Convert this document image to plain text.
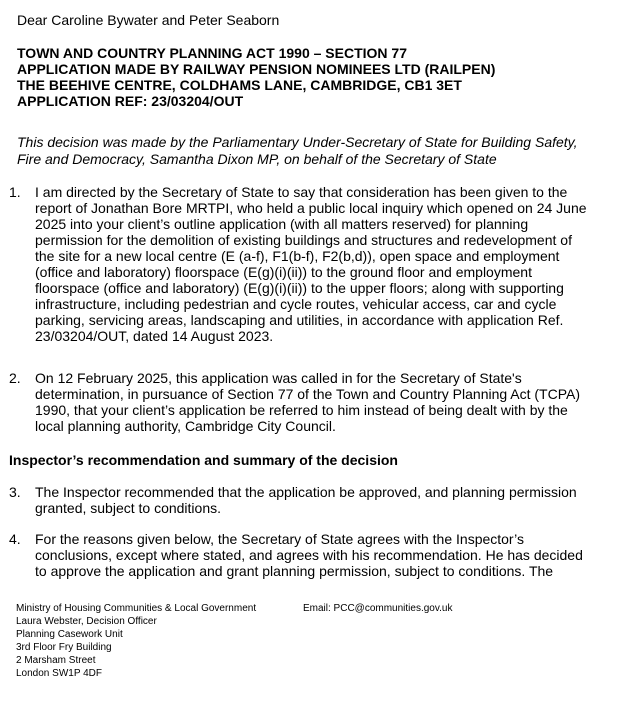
Dear Caroline Bywater and Peter Seaborn
TOWN AND COUNTRY PLANNING ACT 1990 – SECTION 77
APPLICATION MADE BY RAILWAY PENSION NOMINEES LTD (RAILPEN)
THE BEEHIVE CENTRE, COLDHAMS LANE, CAMBRIDGE, CB1 3ET
APPLICATION REF: 23/03204/OUT
This decision was made by the Parliamentary Under-Secretary of State for Building Safety,
Fire and Democracy, Samantha Dixon MP, on behalf of the Secretary of State
1.	I am directed by the Secretary of State to say that consideration has been given to the
report of Jonathan Bore MRTPI, who held a public local inquiry which opened on 24 June
2025 into your client’s outline application (with all matters reserved) for planning
permission for the demolition of existing buildings and structures and redevelopment of
the site for a new local centre (E (a-f), F1(b-f), F2(b,d)), open space and employment
(office and laboratory) floorspace (E(g)(i)(ii)) to the ground floor and employment
floorspace (office and laboratory) (E(g)(i)(ii)) to the upper floors; along with supporting
infrastructure, including pedestrian and cycle routes, vehicular access, car and cycle
parking, servicing areas, landscaping and utilities, in accordance with application Ref.
23/03204/OUT, dated 14 August 2023.
2.	On 12 February 2025, this application was called in for the Secretary of State's
determination, in pursuance of Section 77 of the Town and Country Planning Act (TCPA)
1990, that your client’s application be referred to him instead of being dealt with by the
local planning authority, Cambridge City Council.
Inspector’s recommendation and summary of the decision
3.	The Inspector recommended that the application be approved, and planning permission
granted, subject to conditions.
4.	For the reasons given below, the Secretary of State agrees with the Inspector’s
conclusions, except where stated, and agrees with his recommendation. He has decided
to approve the application and grant planning permission, subject to conditions. The
Ministry of Housing Communities & Local Government
Laura Webster, Decision Officer
Planning Casework Unit
3rd Floor Fry Building
2 Marsham Street
London SW1P 4DF
Email: PCC@communities.gov.uk
